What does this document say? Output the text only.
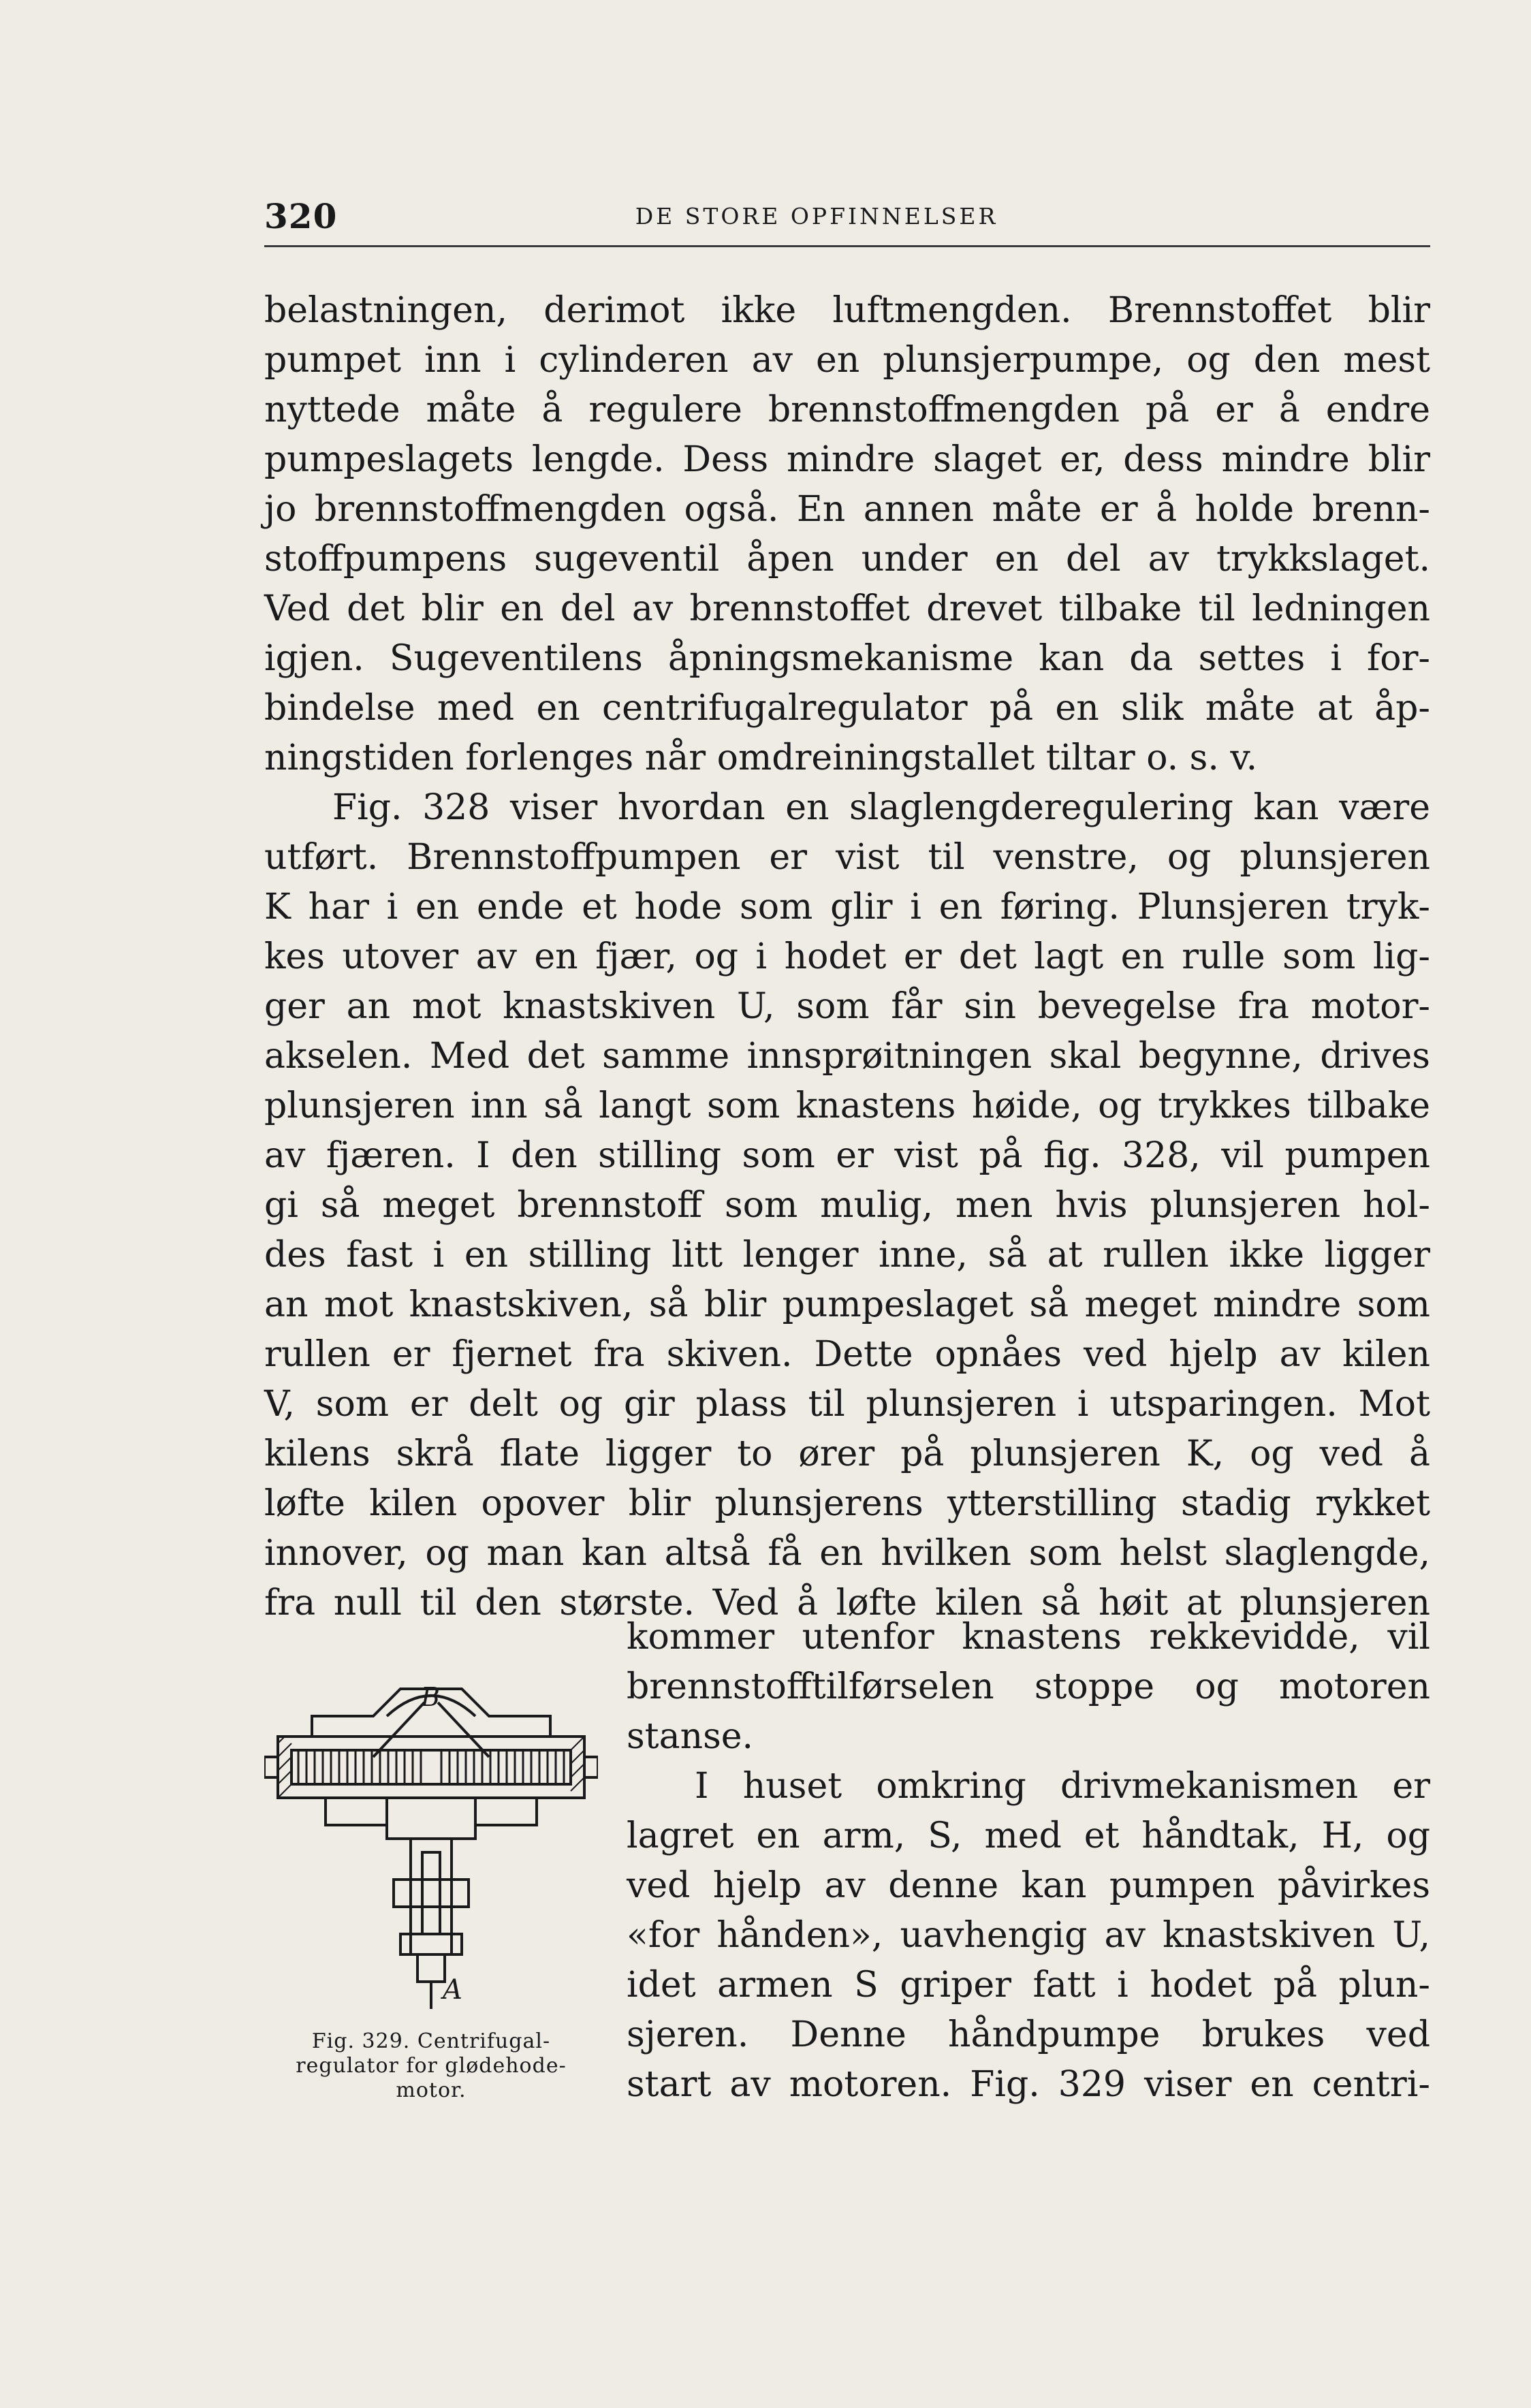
320	DE STORE OPFINNELSER
belastningen, derimot ikke luftmengden. Brennstoffet blir
pumpet inn i cylinderen av en plunsjerpumpe, og den mest
nyttede måte å regulere brennstoffmengden på er å endre
pumpeslagets lengde. Dess mindre slaget er, dess mindre blir
jo brennstoffmengden også. En annen måte er å holde brenn-
stoffpumpens sugeventil åpen under en del av trykkslaget.
Ved det blir en del av brennstoffet drevet tilbake til ledningen
igjen. Sugeventilens åpningsmekanisme kan da settes i for-
bindelse med en centrifugalregulator på en slik måte at åp-
ningstiden forlenges når omdreiningstallet tiltar o. s. v.
Fig. 328 viser hvordan en slaglengderegulering kan være
utført. Brennstoffpumpen er vist til venstre, og plunsjeren
K har i en ende et hode som glir i en føring. Plunsjeren tryk-
kes utover av en fjær, og i hodet er det lagt en rulle som lig-
ger an mot knastskiven U, som får sin bevegelse fra motor-
akselen. Med det samme innsprøitningen skal begynne, drives
plunsjeren inn så langt som knastens høide, og trykkes tilbake
av fjæren. I den stilling som er vist på fig. 328, vil pumpen
gi så meget brennstoff som mulig, men hvis plunsjeren hol-
des fast i en stilling litt lenger inne, så at rullen ikke ligger
an mot knastskiven, så blir pumpeslaget så meget mindre som
rullen er fjernet fra skiven. Dette opnåes ved hjelp av kilen
V, som er delt og gir plass til plunsjeren i utsparingen. Mot
kilens skrå flate ligger to ører på plunsjeren K, og ved å
løfte kilen opover blir plunsjerens ytterstilling stadig rykket
innover, og man kan altså få en hvilken som helst slaglengde,
fra null til den største. Ved å løfte kilen så høit at plunsjeren
kommer utenfor knastens rekkevidde, vil
brennstofftilførselen stoppe og motoren
stanse.
I huset omkring drivmekanismen er
lagret en arm, S, med et håndtak, H, og
ved hjelp av denne kan pumpen påvirkes
«for hånden», uavhengig av knastskiven U,
idet armen S griper fatt i hodet på plun-
sjeren. Denne håndpumpe brukes ved
start av motoren. Fig. 329 viser en centri-
B
A
Fig. 329. Centrifugal-
regulator for glødehode-
motor.
